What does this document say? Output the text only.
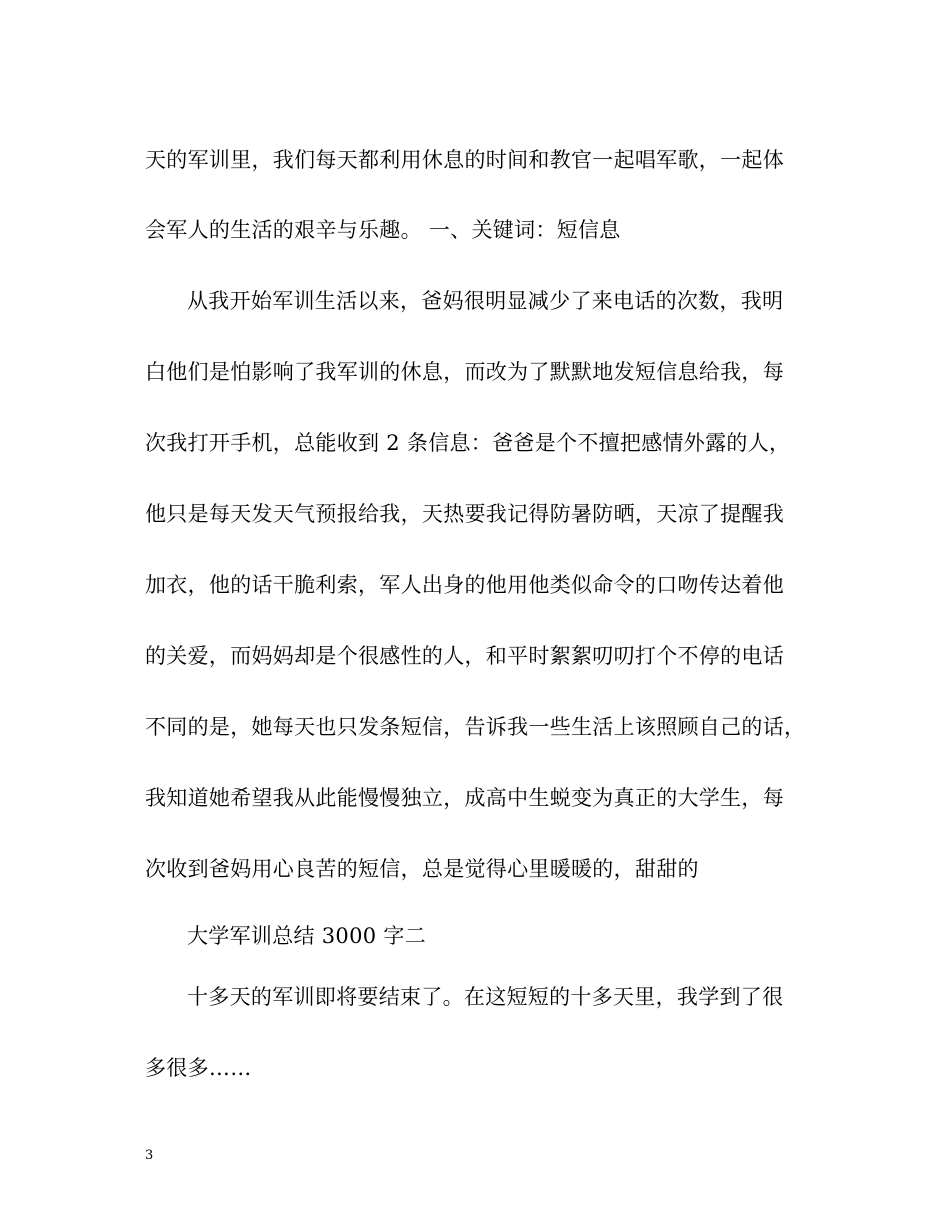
天的军训里，我们每天都利用休息的时间和教官一起唱军歌，一起体
会军人的生活的艰辛与乐趣。 一、关键词：短信息
从我开始军训生活以来，爸妈很明显减少了来电话的次数，我明
白他们是怕影响了我军训的休息，而改为了默默地发短信息给我，每
次我打开手机，总能收到 2 条信息：爸爸是个不擅把感情外露的人，
他只是每天发天气预报给我，天热要我记得防暑防晒，天凉了提醒我
加衣，他的话干脆利索，军人出身的他用他类似命令的口吻传达着他
的关爱，而妈妈却是个很感性的人，和平时絮絮叨叨打个不停的电话
不同的是，她每天也只发条短信，告诉我一些生活上该照顾自己的话，
我知道她希望我从此能慢慢独立，成高中生蜕变为真正的大学生，每
次收到爸妈用心良苦的短信，总是觉得心里暖暖的，甜甜的
大学军训总结 3000 字二
十多天的军训即将要结束了。在这短短的十多天里，我学到了很
多很多……
3
